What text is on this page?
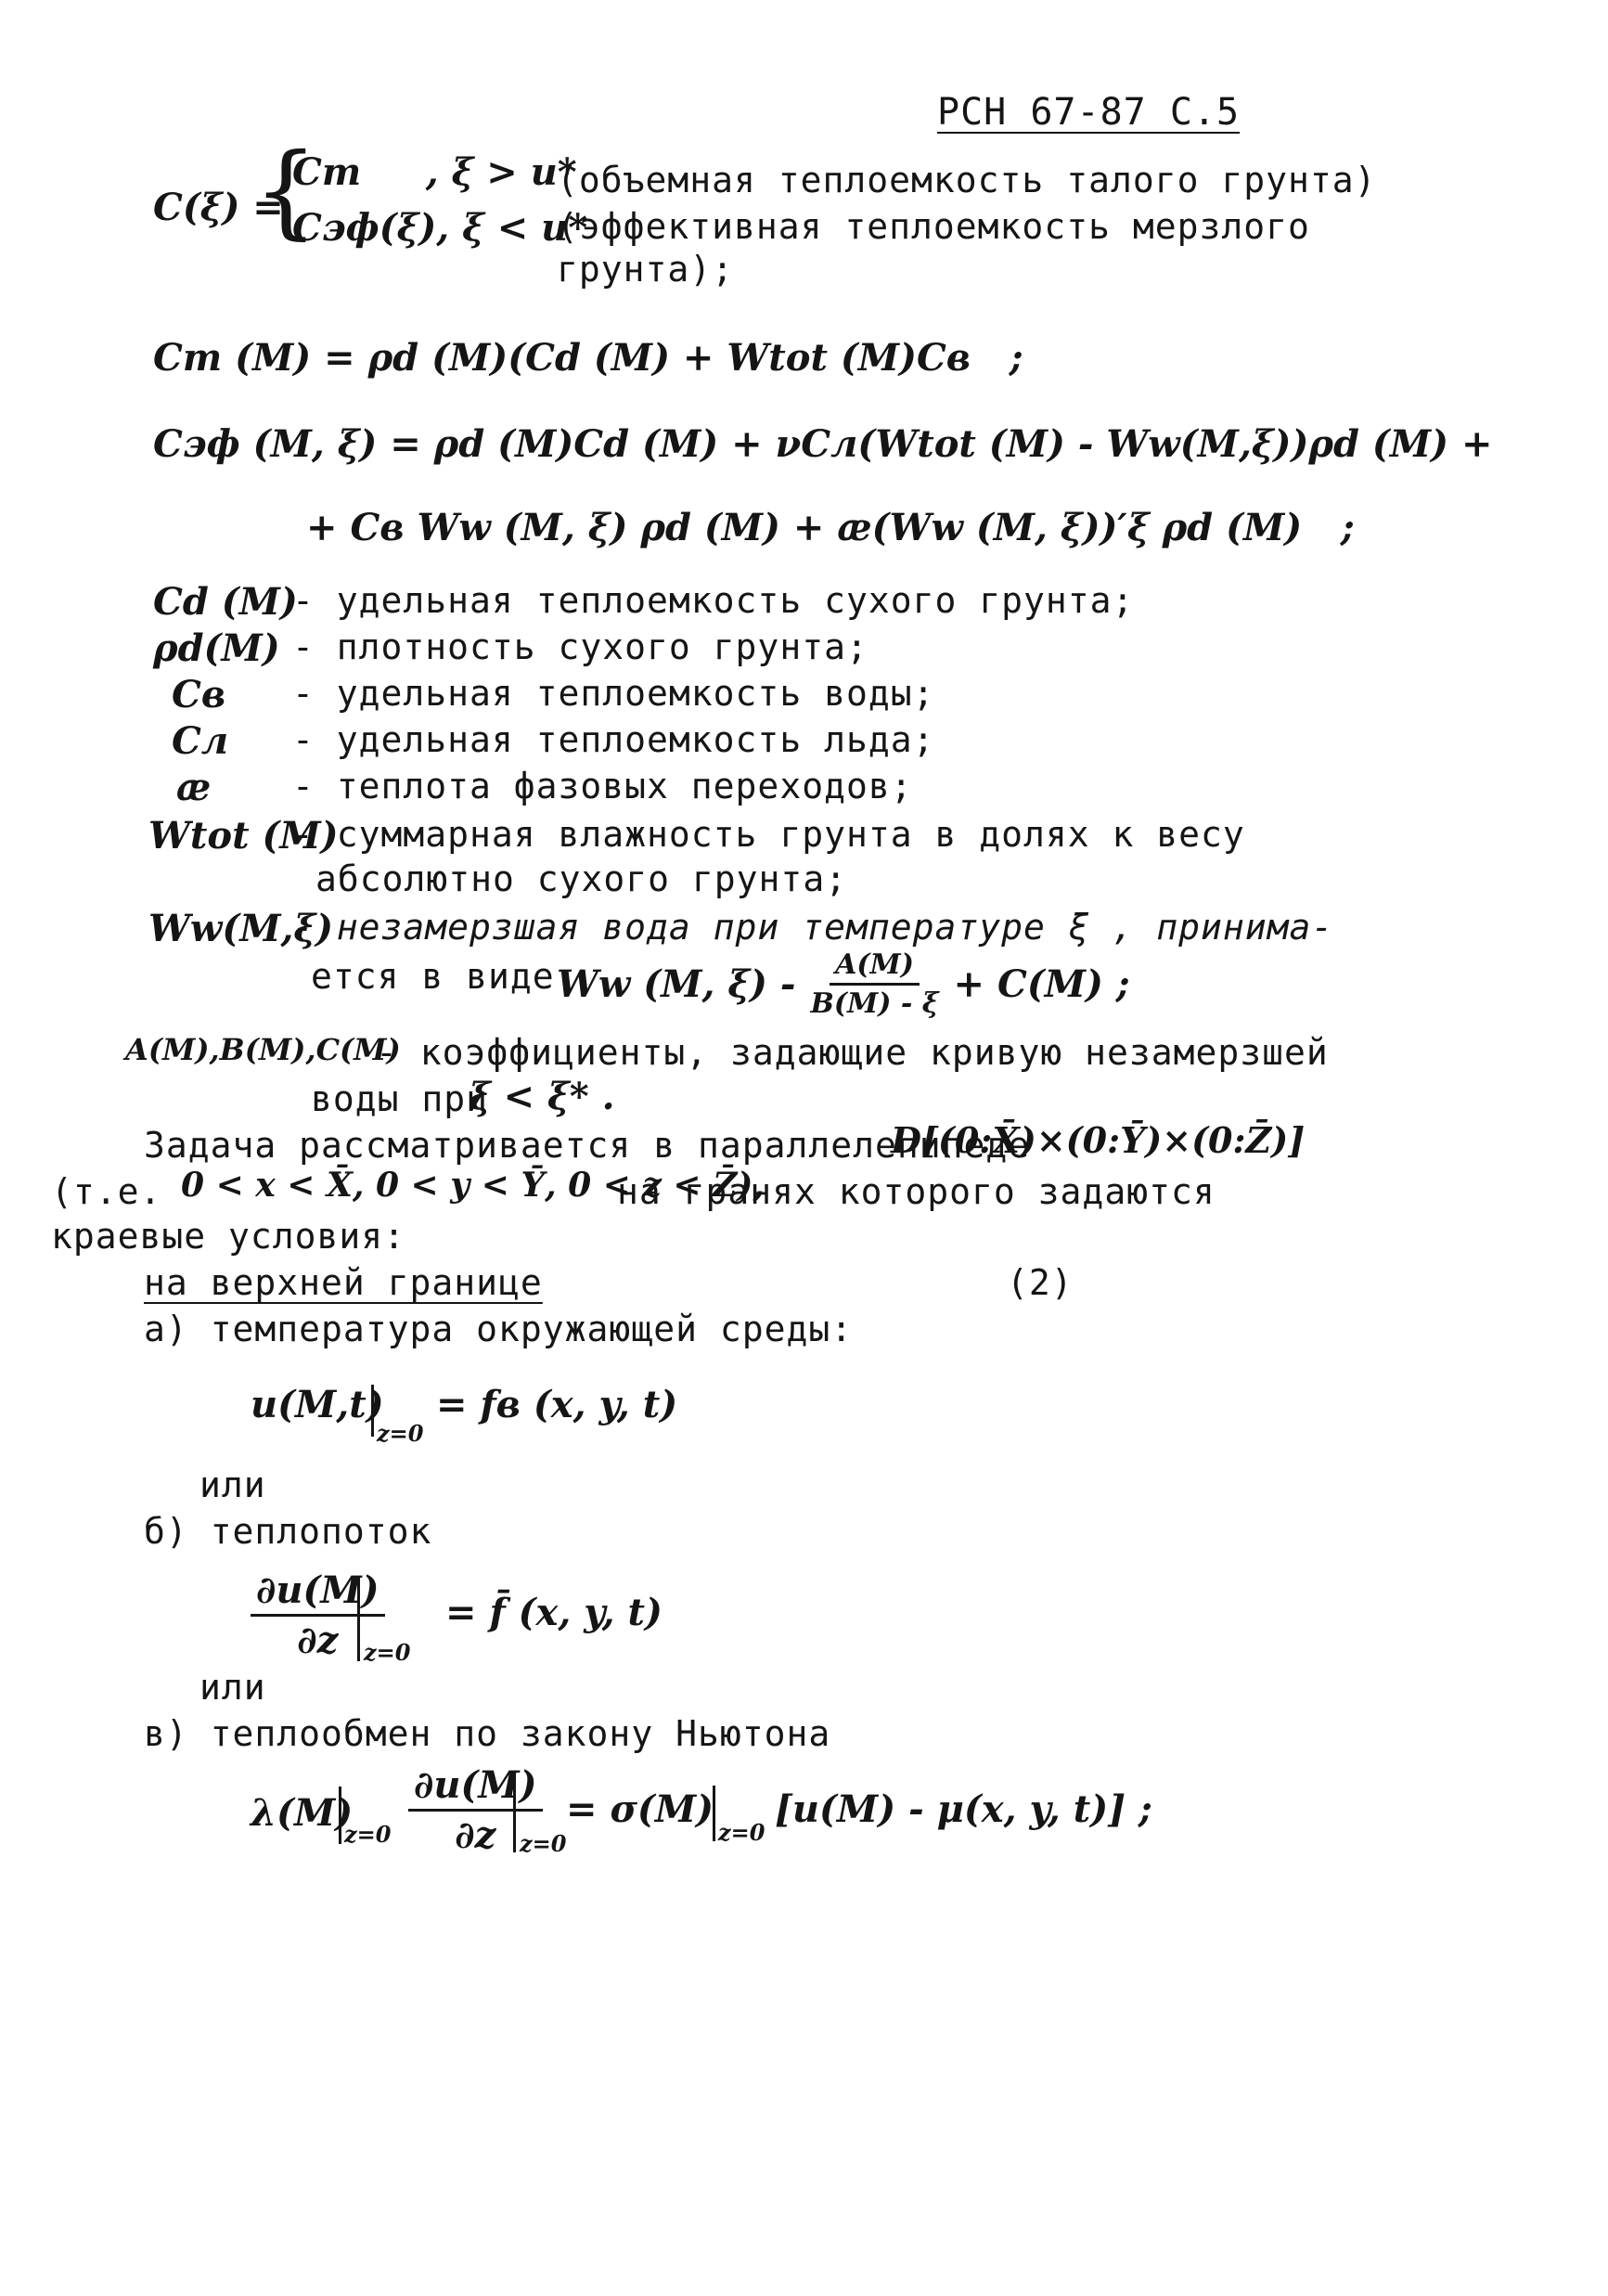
РСН 67-87 С.5
C(ξ) =
{
Cт     , ξ > u*
Cэф(ξ), ξ < u*
(объемная теплоемкость талого грунта)
(эффективная теплоемкость мерзлого
грунта);
Cт (M) = ρd (M)(Cd (M) + Wtot (M)Cв   ;
Cэф (M, ξ) = ρd (M)Cd (M) + νCл(Wtot (M) - Ww(M,ξ))ρd (M) +
+ Cв Ww (M, ξ) ρd (M) + æ(Ww (M, ξ))′ξ ρd (M)   ;
Cd (M)
- удельная теплоемкость сухого грунта;
ρd(M) - плотность сухого грунта;
Cв - удельная теплоемкость воды;
Cл - удельная теплоемкость льда;
æ - теплота фазовых переходов;
Wtot (M)
- суммарная влажность грунта в долях к весу
абсолютно сухого грунта;
Ww(M,ξ)
- незамерзшая вода при температуре ξ , принима-
ется в виде Ww (M, $\xi) - \frac{A(M)}{B(M) - \xi} + C(M)$ ;
A(M),B(M),C(M)
- коэффициенты, задающие кривую незамерзшей
воды при
ξ < ξ* .
Задача рассматривается в параллелепипеде
D[(0:X̄)×(0:Ȳ)×(0:Z̄)]
(т.е. 0 < x < X̄, 0 < y < Ȳ, 0 < z < Z̄),
на гранях которого задаются
краевые условия:
на верхней границе	(2)
а) температура окружающей среды:
u(M,t)
z=0
= fв (x, y, t)
или
б) теплопоток
$\frac{\partial u(M)}{\partial z}$
z=0
= f̄ (x, y, t)
или
в) теплообмен по закону Ньютона
λ(M)
$z=0 \frac{\partial u(M)}{\partial z}$
z=0
= σ(M)
z=0
[u(M) - μ(x, y, t)] ;
